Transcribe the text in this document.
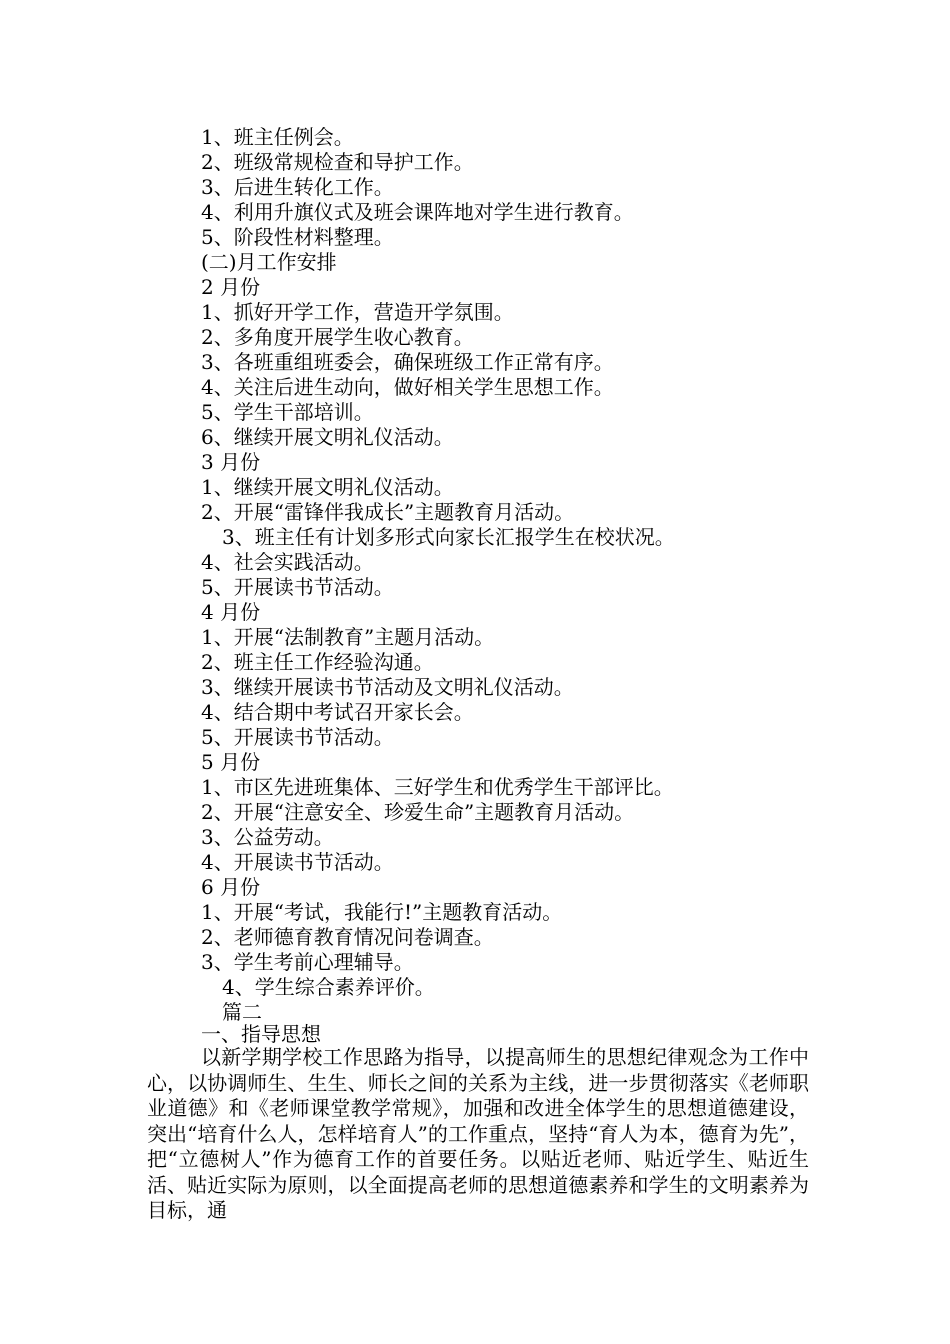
1、班主任例会。
2、班级常规检查和导护工作。
3、后进生转化工作。
4、利用升旗仪式及班会课阵地对学生进行教育。
5、阶段性材料整理。
(二)月工作安排
2 月份
1、抓好开学工作，营造开学氛围。
2、多角度开展学生收心教育。
3、各班重组班委会，确保班级工作正常有序。
4、关注后进生动向，做好相关学生思想工作。
5、学生干部培训。
6、继续开展文明礼仪活动。
3 月份
1、继续开展文明礼仪活动。
2、开展“雷锋伴我成长”主题教育月活动。
3、班主任有计划多形式向家长汇报学生在校状况。
4、社会实践活动。
5、开展读书节活动。
4 月份
1、开展“法制教育”主题月活动。
2、班主任工作经验沟通。
3、继续开展读书节活动及文明礼仪活动。
4、结合期中考试召开家长会。
5、开展读书节活动。
5 月份
1、市区先进班集体、三好学生和优秀学生干部评比。
2、开展“注意安全、珍爱生命”主题教育月活动。
3、公益劳动。
4、开展读书节活动。
6 月份
1、开展“考试，我能行!”主题教育活动。
2、老师德育教育情况问卷调查。
3、学生考前心理辅导。
4、学生综合素养评价。
篇二
一、指导思想
以新学期学校工作思路为指导，以提高师生的思想纪律观念为工作中心，以协调师生、生生、师长之间的关系为主线，进一步贯彻落实《老师职业道德》和《老师课堂教学常规》，加强和改进全体学生的思想道德建设，突出“培育什么人，怎样培育人”的工作重点，坚持“育人为本，德育为先”，把“立德树人”作为德育工作的首要任务。以贴近老师、贴近学生、贴近生活、贴近实际为原则，以全面提高老师的思想道德素养和学生的文明素养为目标，通
